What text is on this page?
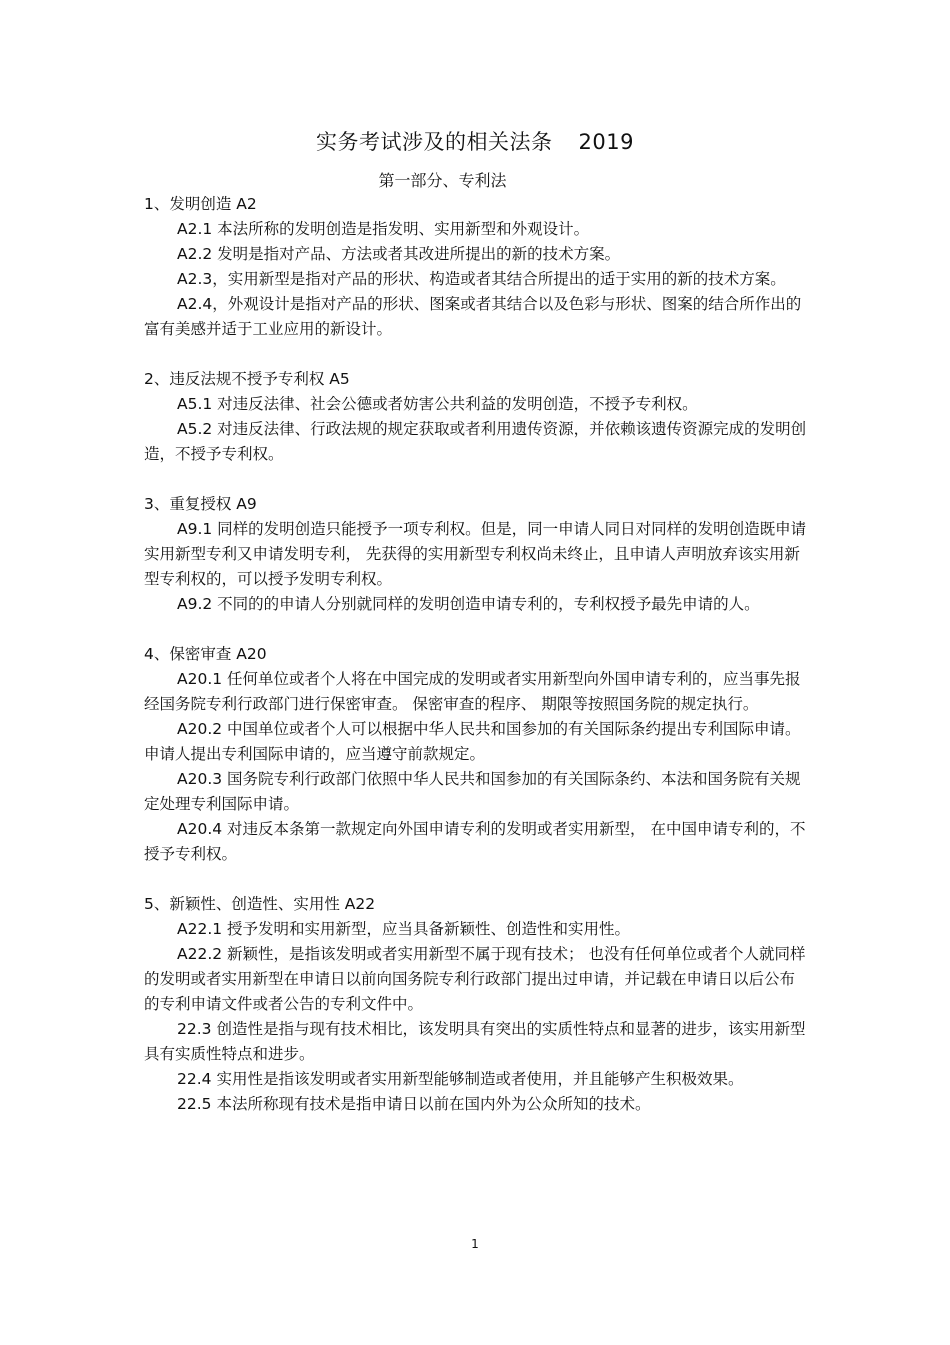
实务考试涉及的相关法条 2019
第一部分、专利法

1、发明创造 A2

A2.1 本法所称的发明创造是指发明、实用新型和外观设计。

A2.2 发明是指对产品、方法或者其改进所提出的新的技术方案。

A2.3，实用新型是指对产品的形状、构造或者其结合所提出的适于实用的新的技术方案。

A2.4，外观设计是指对产品的形状、图案或者其结合以及色彩与形状、图案的结合所作出的富有美感并适于工业应用的新设计。

2、违反法规不授予专利权 A5

A5.1 对违反法律、社会公德或者妨害公共利益的发明创造，不授予专利权。

A5.2 对违反法律、行政法规的规定获取或者利用遗传资源，并依赖该遗传资源完成的发明创造，不授予专利权。

3、重复授权 A9

A9.1 同样的发明创造只能授予一项专利权。但是，同一申请人同日对同样的发明创造既申请实用新型专利又申请发明专利， 先获得的实用新型专利权尚未终止，且申请人声明放弃该实用新型专利权的，可以授予发明专利权。

A9.2 不同的的申请人分别就同样的发明创造申请专利的，专利权授予最先申请的人。

4、保密审查 A20

A20.1 任何单位或者个人将在中国完成的发明或者实用新型向外国申请专利的，应当事先报经国务院专利行政部门进行保密审查。 保密审查的程序、 期限等按照国务院的规定执行。

A20.2 中国单位或者个人可以根据中华人民共和国参加的有关国际条约提出专利国际申请。申请人提出专利国际申请的，应当遵守前款规定。

A20.3 国务院专利行政部门依照中华人民共和国参加的有关国际条约、本法和国务院有关规定处理专利国际申请。

A20.4 对违反本条第一款规定向外国申请专利的发明或者实用新型， 在中国申请专利的，不授予专利权。

5、新颖性、创造性、实用性 A22

A22.1 授予发明和实用新型，应当具备新颖性、创造性和实用性。

A22.2 新颖性，是指该发明或者实用新型不属于现有技术； 也没有任何单位或者个人就同样的发明或者实用新型在申请日以前向国务院专利行政部门提出过申请，并记载在申请日以后公布的专利申请文件或者公告的专利文件中。

22.3 创造性是指与现有技术相比，该发明具有突出的实质性特点和显著的进步，该实用新型具有实质性特点和进步。

22.4 实用性是指该发明或者实用新型能够制造或者使用，并且能够产生积极效果。

22.5 本法所称现有技术是指申请日以前在国内外为公众所知的技术。

1
